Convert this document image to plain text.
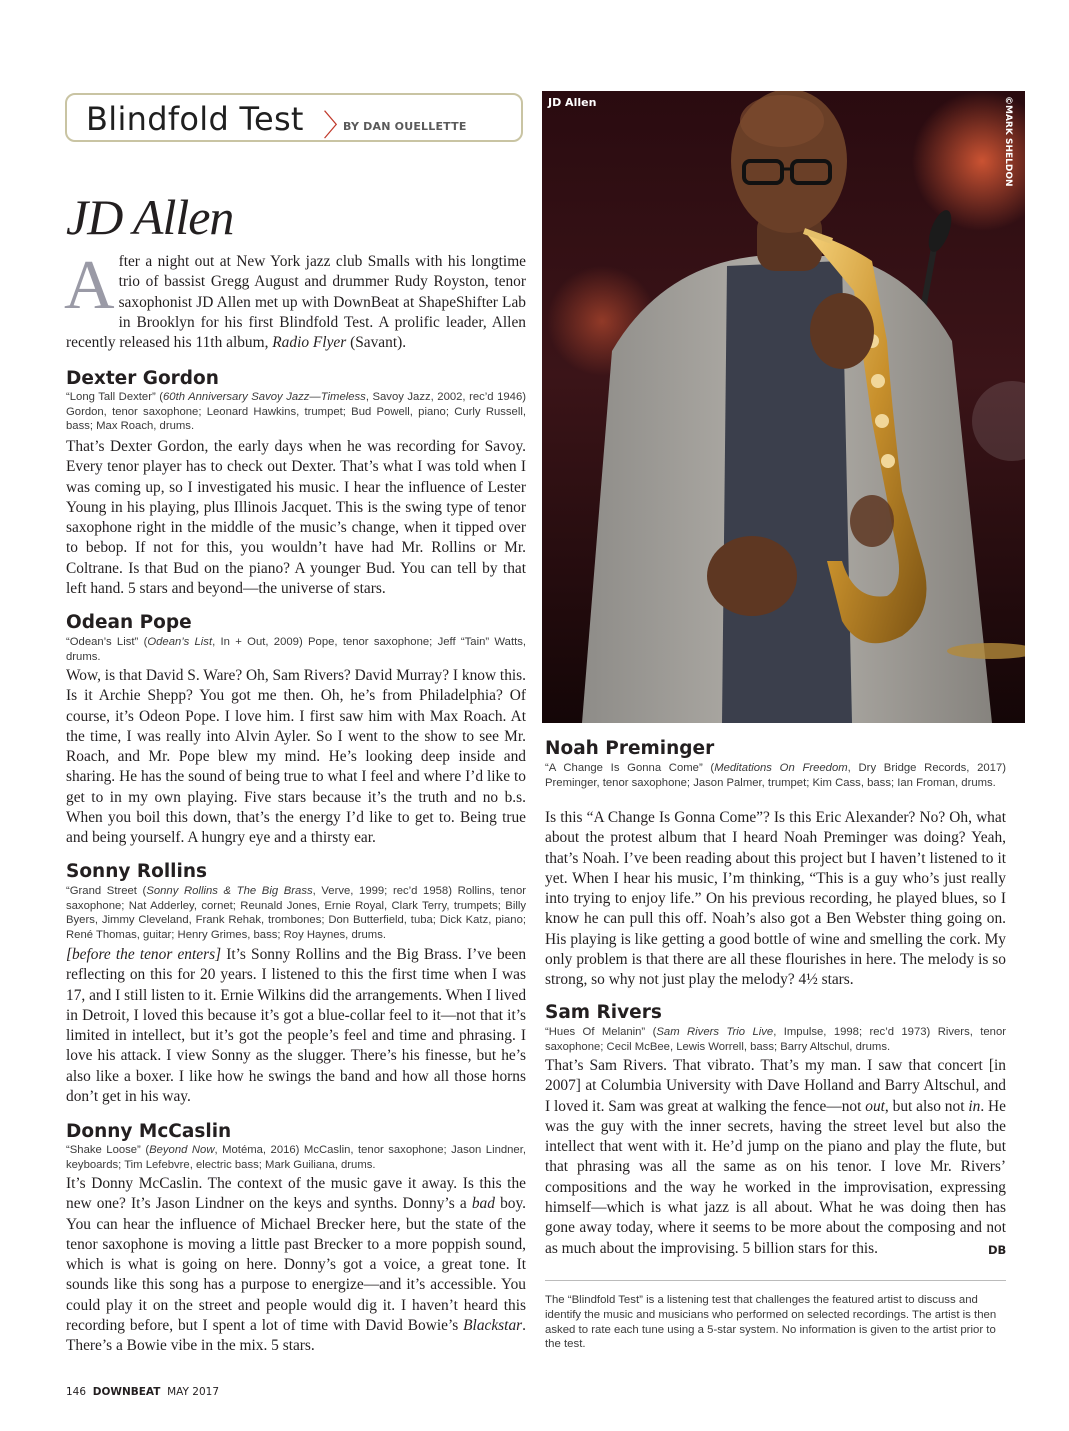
Blindfold Test 〉
BY DAN OUELLETTE
JD Allen
After a night out at New York jazz club Smalls with his longtime trio of bassist Gregg August and drummer Rudy Royston, tenor saxophonist JD Allen met up with DownBeat at ShapeShifter Lab in Brooklyn for his first Blindfold Test. A prolific leader, Allen recently released his 11th album, Radio Flyer (Savant).
Dexter Gordon
“Long Tall Dexter” (60th Anniversary Savoy Jazz—Timeless, Savoy Jazz, 2002, rec’d 1946) Gordon, tenor saxophone; Leonard Hawkins, trumpet; Bud Powell, piano; Curly Russell, bass; Max Roach, drums.
That’s Dexter Gordon, the early days when he was recording for Savoy. Every tenor player has to check out Dexter. That’s what I was told when I was coming up, so I investigated his music. I hear the influence of Lester Young in his playing, plus Illinois Jacquet. This is the swing type of tenor saxophone right in the middle of the music’s change, when it tipped over to bebop. If not for this, you wouldn’t have had Mr. Rollins or Mr. Coltrane. Is that Bud on the piano? A younger Bud. You can tell by that left hand. 5 stars and beyond—the universe of stars.
Odean Pope
“Odean’s List” (Odean’s List, In + Out, 2009) Pope, tenor saxophone; Jeff “Tain” Watts, drums.
Wow, is that David S. Ware? Oh, Sam Rivers? David Murray? I know this. Is it Archie Shepp? You got me then. Oh, he’s from Philadelphia? Of course, it’s Odeon Pope. I love him. I first saw him with Max Roach. At the time, I was really into Alvin Ayler. So I went to the show to see Mr. Roach, and Mr. Pope blew my mind. He’s looking deep inside and sharing. He has the sound of being true to what I feel and where I’d like to get to in my own playing. Five stars because it’s the truth and no b.s. When you boil this down, that’s the energy I’d like to get to. Being true and being yourself. A hungry eye and a thirsty ear.
Sonny Rollins
“Grand Street (Sonny Rollins & The Big Brass, Verve, 1999; rec’d 1958) Rollins, tenor saxophone; Nat Adderley, cornet; Reunald Jones, Ernie Royal, Clark Terry, trumpets; Billy Byers, Jimmy Cleveland, Frank Rehak, trombones; Don Butterfield, tuba; Dick Katz, piano; René Thomas, guitar; Henry Grimes, bass; Roy Haynes, drums.
[before the tenor enters] It’s Sonny Rollins and the Big Brass. I’ve been reflecting on this for 20 years. I listened to this the first time when I was 17, and I still listen to it. Ernie Wilkins did the arrangements. When I lived in Detroit, I loved this because it’s got a blue-collar feel to it—not that it’s limited in intellect, but it’s got the people’s feel and time and phrasing. I love his attack. I view Sonny as the slugger. There’s his finesse, but he’s also like a boxer. I like how he swings the band and how all those horns don’t get in his way.
Donny McCaslin
“Shake Loose” (Beyond Now, Motéma, 2016) McCaslin, tenor saxophone; Jason Lindner, keyboards; Tim Lefebvre, electric bass; Mark Guiliana, drums.
It’s Donny McCaslin. The context of the music gave it away. Is this the new one? It’s Jason Lindner on the keys and synths. Donny’s a bad boy. You can hear the influence of Michael Brecker here, but the state of the tenor saxophone is moving a little past Brecker to a more poppish sound, which is what is going on here. Donny’s got a voice, a great tone. It sounds like this song has a purpose to energize—and it’s accessible. You could play it on the street and people would dig it. I haven’t heard this recording before, but I spent a lot of time with David Bowie’s Blackstar. There’s a Bowie vibe in the mix. 5 stars.
JD Allen	©MARK SHELDON
Noah Preminger
“A Change Is Gonna Come” (Meditations On Freedom, Dry Bridge Records, 2017) Preminger, tenor saxophone; Jason Palmer, trumpet; Kim Cass, bass; Ian Froman, drums.
Is this “A Change Is Gonna Come”? Is this Eric Alexander? No? Oh, what about the protest album that I heard Noah Preminger was doing? Yeah, that’s Noah. I’ve been reading about this project but I haven’t listened to it yet. When I hear his music, I’m thinking, “This is a guy who’s just really into trying to enjoy life.” On his previous recording, he played blues, so I know he can pull this off. Noah’s also got a Ben Webster thing going on. His playing is like getting a good bottle of wine and smelling the cork. My only problem is that there are all these flourishes in here. The melody is so strong, so why not just play the melody? 4½ stars.
Sam Rivers
“Hues Of Melanin” (Sam Rivers Trio Live, Impulse, 1998; rec’d 1973) Rivers, tenor saxophone; Cecil McBee, Lewis Worrell, bass; Barry Altschul, drums.
That’s Sam Rivers. That vibrato. That’s my man. I saw that concert [in 2007] at Columbia University with Dave Holland and Barry Altschul, and I loved it. Sam was great at walking the fence—not out, but also not in. He was the guy with the inner secrets, having the street level but also the intellect that went with it. He’d jump on the piano and play the flute, but that phrasing was all the same as on his tenor. I love Mr. Rivers’ compositions and the way he worked in the improvisation, expressing himself—which is what jazz is all about. What he was doing then has gone away today, where it seems to be more about the composing and not as much about the improvising. 5 billion stars for this.	DB
The “Blindfold Test” is a listening test that challenges the featured artist to discuss and identify the music and musicians who performed on selected recordings. The artist is then asked to rate each tune using a 5-star system. No information is given to the artist prior to the test.
146 DOWNBEAT MAY 2017
